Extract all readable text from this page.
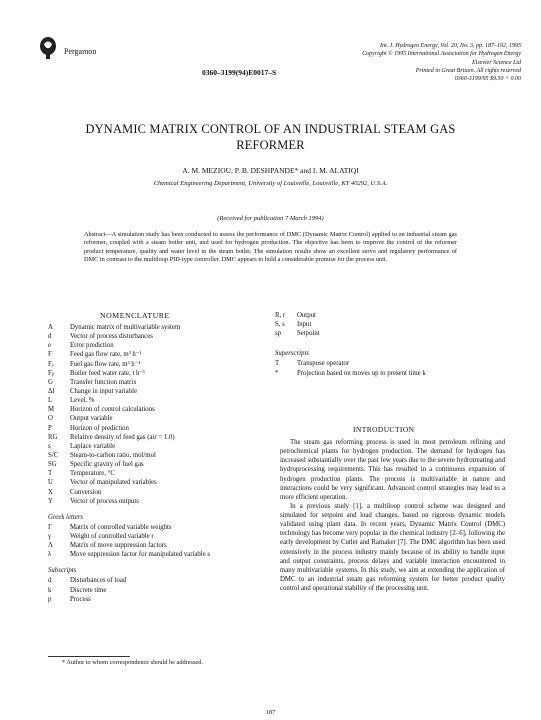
Pergamon
Int. J. Hydrogen Energy, Vol. 20, No. 3, pp. 187–192, 1995
Copyright © 1995 International Association for Hydrogen Energy
Elsevier Science Ltd
Printed in Great Britain. All rights reserved
0360-3199/95 $9.50 + 0.00
0360–3199(94)E0017–S
DYNAMIC MATRIX CONTROL OF AN INDUSTRIAL STEAM GAS REFORMER
A. M. MEZIOU, P. B. DESHPANDE* and I. M. ALATIQI
Chemical Engineering Department, University of Louisville, Louisville, KY 40292, U.S.A.
(Received for publication 7 March 1994)
Abstract—A simulation study has been conducted to assess the performance of DMC (Dynamic Matrix Control) applied to an industrial steam gas reformer, coupled with a steam boiler unit, and used for hydrogen production. The objective has been to improve the control of the reformer product temperature, quality and water level in the steam boiler. The simulation results show an excellent servo and regulatory performance of DMC in contrast to the multiloop PID-type controller. DMC appears to hold a considerable promise for the process unit.
NOMENCLATURE
A	Dynamic matrix of multivariable system
d	Vector of process disturbances
e	Error prediction
F	Feed gas flow rate, m³ h⁻¹
Fₐ	Fuel gas flow rate, m³ h⁻¹
Fᵦ	Boiler feed water rate, t h⁻¹
G	Transfer function matrix
ΔI	Change in input variable
L	Level, %
M	Horizon of control calculations
O	Output variable
P	Horizon of prediction
RG	Relative density of feed gas (air = 1.0)
s	Laplace variable
S/C	Steam-to-carbon ratio, mol/mol
SG	Specific gravity of fuel gas
T	Temperature, °C
U	Vector of manipulated variables
X	Conversion
Y	Vector of process outputs
Greek letters
Γ	Matrix of controlled variable weights
γ	Weight of controlled variable r
Λ	Matrix of move suppression factors
λ	Move suppression factor for manipulated variable s
Subscripts
d	Disturbances of load
k	Discrete time
p	Process
R, r	Output
S, s	Input
sp	Setpoint
Superscripts
T	Transpose operator
*	Projection based on moves up to present time k
INTRODUCTION

The steam gas reforming process is used in most petroleum refining and petrochemical plants for hydrogen production. The demand for hydrogen has increased substantially over the past few years due to the severe hydrotreating and hydroprocessing requirements. This has resulted in a continuous expansion of hydrogen production plants. The process is multivariable in nature and interactions could be very significant. Advanced control strategies may lead to a more efficient operation.

In a previous study [1], a multiloop control scheme was designed and simulated for setpoint and load changes, based on rigorous dynamic models validated using plant data. In recent years, Dynamic Matrix Control (DMC) technology has become very popular in the chemical industry [2–6], following the early development by Cutler and Ramaker [7]. The DMC algorithm has been used extensively in the process industry mainly because of its ability to handle input and output constraints, process delays and variable interaction encountered in many multivariable systems. In this study, we aim at extending the application of DMC to an industrial steam gas reforming system for better product quality control and operational stability of the processing unit.

* Author to whom correspondence should be addressed.
187
